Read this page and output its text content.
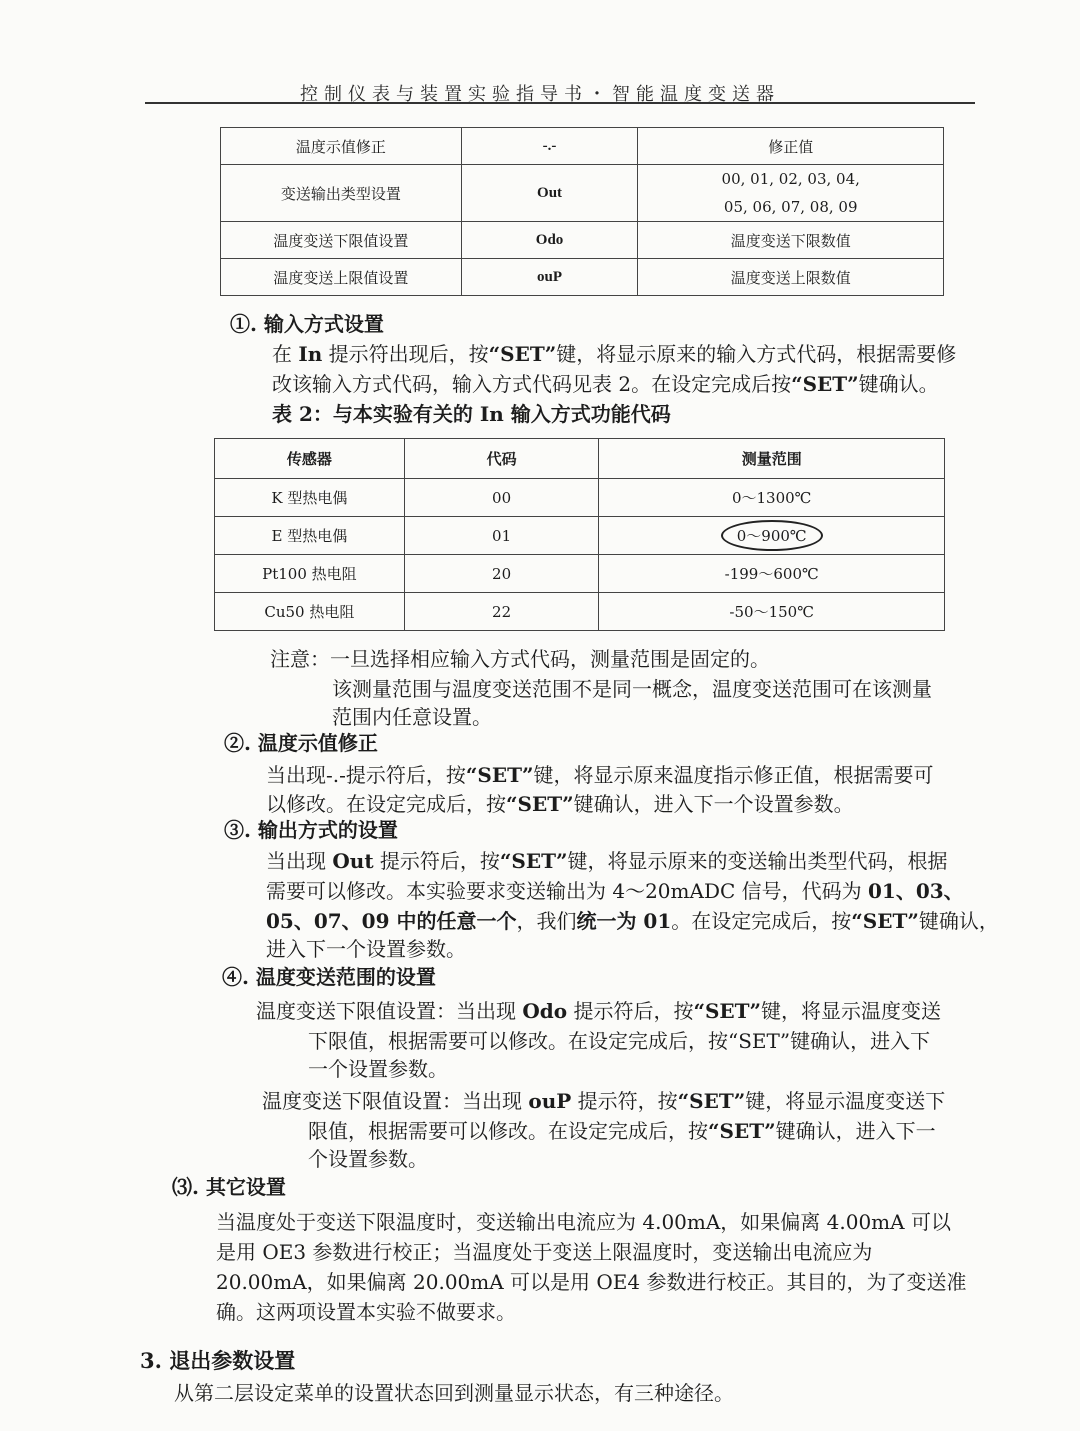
控制仪表与装置实验指导书・智能温度变送器
温度示值修正	-.-	修正值
变送输出类型设置	Out	00, 01, 02, 03, 04,
05, 06, 07, 08, 09

温度变送下限值设置	Odo	温度变送下限数值
温度变送上限值设置	ouP	温度变送上限数值
①. 输入方式设置
在 In 提示符出现后，按“SET”键，将显示原来的输入方式代码，根据需要修
改该输入方式代码，输入方式代码见表 2。在设定完成后按“SET”键确认。
表 2：与本实验有关的 In 输入方式功能代码
传感器	代码	测量范围
K 型热电偶	00	0～1300℃
E 型热电偶	01	0～900℃
Pt100 热电阻	20	-199～600℃
Cu50 热电阻	22	-50～150℃
注意：一旦选择相应输入方式代码，测量范围是固定的。
该测量范围与温度变送范围不是同一概念，温度变送范围可在该测量
范围内任意设置。
②. 温度示值修正
当出现-.-提示符后，按“SET”键，将显示原来温度指示修正值，根据需要可
以修改。在设定完成后，按“SET”键确认，进入下一个设置参数。
③. 输出方式的设置
当出现 Out 提示符后，按“SET”键，将显示原来的变送输出类型代码，根据
需要可以修改。本实验要求变送输出为 4～20mADC 信号，代码为 01、03、
05、07、09 中的任意一个，我们统一为 01。在设定完成后，按“SET”键确认，
进入下一个设置参数。
④. 温度变送范围的设置
温度变送下限值设置：当出现 Odo 提示符后，按“SET”键，将显示温度变送
下限值，根据需要可以修改。在设定完成后，按“SET”键确认，进入下
一个设置参数。
温度变送下限值设置：当出现 ouP 提示符，按“SET”键，将显示温度变送下
限值，根据需要可以修改。在设定完成后，按“SET”键确认，进入下一
个设置参数。
⑶. 其它设置
当温度处于变送下限温度时，变送输出电流应为 4.00mA，如果偏离 4.00mA 可以
是用 OE3 参数进行校正；当温度处于变送上限温度时，变送输出电流应为
20.00mA，如果偏离 20.00mA 可以是用 OE4 参数进行校正。其目的，为了变送准
确。这两项设置本实验不做要求。
3. 退出参数设置
从第二层设定菜单的设置状态回到测量显示状态，有三种途径。
